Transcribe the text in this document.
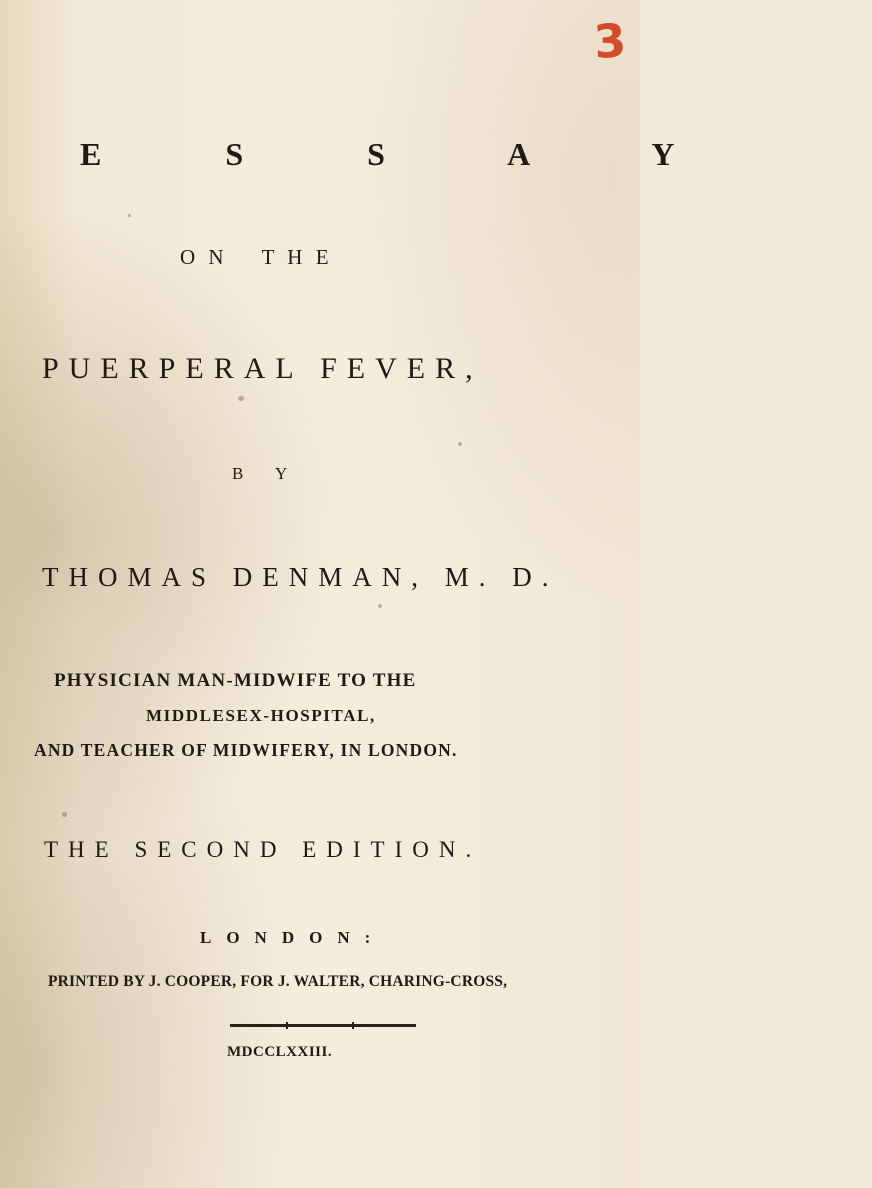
3
E S S A Y
O N T H E
PUERPERAL FEVER,
B Y
THOMAS DENMAN, M. D.
PHYSICIAN MAN-MIDWIFE TO THE
MIDDLESEX-HOSPITAL,
AND TEACHER OF MIDWIFERY, IN LONDON.
THE SECOND EDITION.
LONDON:
PRINTED BY J. COOPER, FOR J. WALTER, CHARING-CROSS,
MDCCLXXIII.
